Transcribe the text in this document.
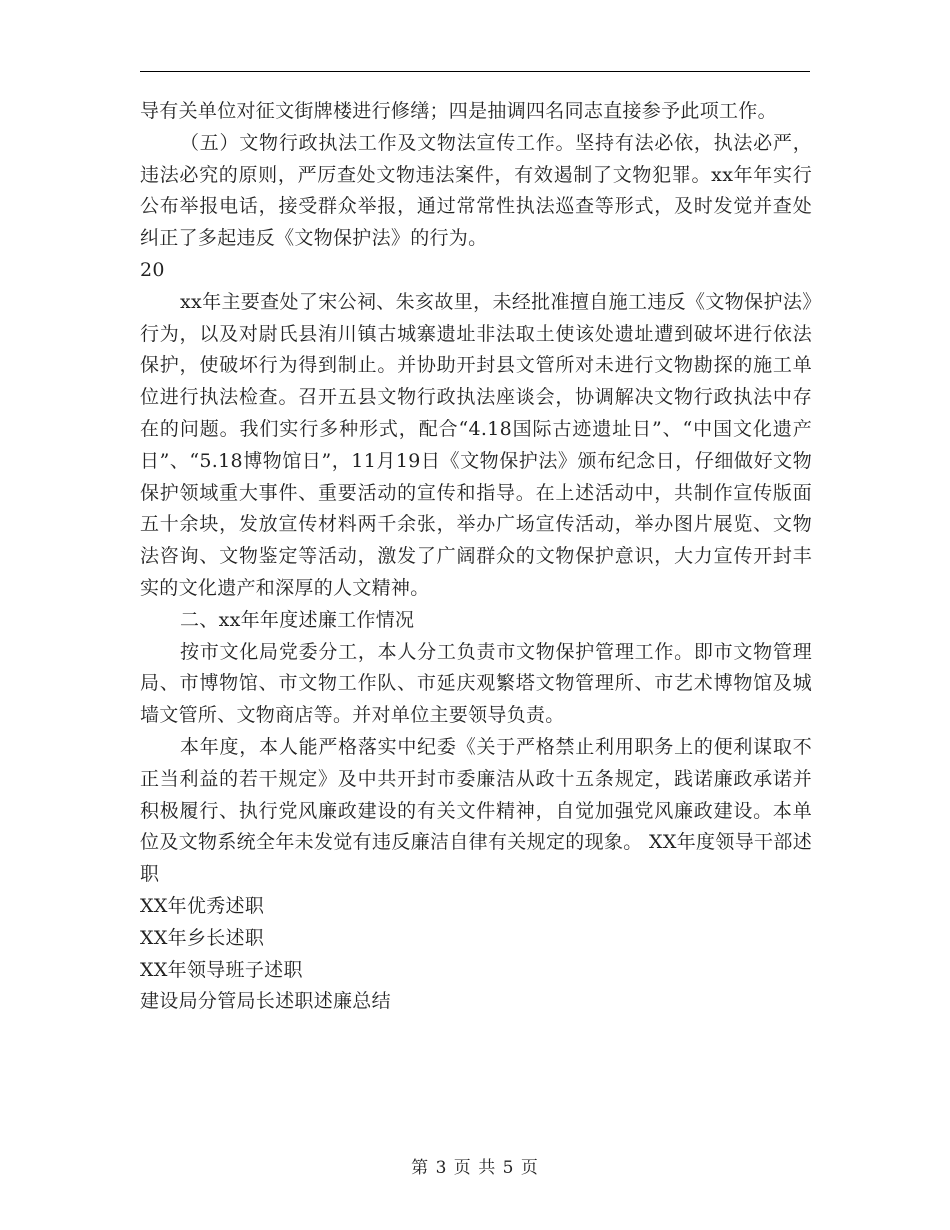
导有关单位对征文街牌楼进行修缮；四是抽调四名同志直接参予此项工作。

（五）文物行政执法工作及文物法宣传工作。坚持有法必依，执法必严，违法必究的原则，严厉查处文物违法案件，有效遏制了文物犯罪。xx年年实行公布举报电话，接受群众举报，通过常常性执法巡查等形式，及时发觉并查处纠正了多起违反《文物保护法》的行为。

20

xx年主要查处了宋公祠、朱亥故里，未经批准擅自施工违反《文物保护法》行为，以及对尉氏县洧川镇古城寨遗址非法取土使该处遗址遭到破坏进行依法保护，使破坏行为得到制止。并协助开封县文管所对未进行文物勘探的施工单位进行执法检查。召开五县文物行政执法座谈会，协调解决文物行政执法中存在的问题。我们实行多种形式，配合“4.18国际古迹遗址日”、“中国文化遗产日”、“5.18博物馆日”，11月19日《文物保护法》颁布纪念日，仔细做好文物保护领域重大事件、重要活动的宣传和指导。在上述活动中，共制作宣传版面五十余块，发放宣传材料两千余张，举办广场宣传活动，举办图片展览、文物法咨询、文物鉴定等活动，激发了广阔群众的文物保护意识，大力宣传开封丰实的文化遗产和深厚的人文精神。

二、xx年年度述廉工作情况

按市文化局党委分工，本人分工负责市文物保护管理工作。即市文物管理局、市博物馆、市文物工作队、市延庆观繁塔文物管理所、市艺术博物馆及城墙文管所、文物商店等。并对单位主要领导负责。

本年度，本人能严格落实中纪委《关于严格禁止利用职务上的便利谋取不正当利益的若干规定》及中共开封市委廉洁从政十五条规定，践诺廉政承诺并积极履行、执行党风廉政建设的有关文件精神，自觉加强党风廉政建设。本单位及文物系统全年未发觉有违反廉洁自律有关规定的现象。 XX年度领导干部述职

XX年优秀述职

XX年乡长述职

XX年领导班子述职

建设局分管局长述职述廉总结

第 3 页 共 5 页
